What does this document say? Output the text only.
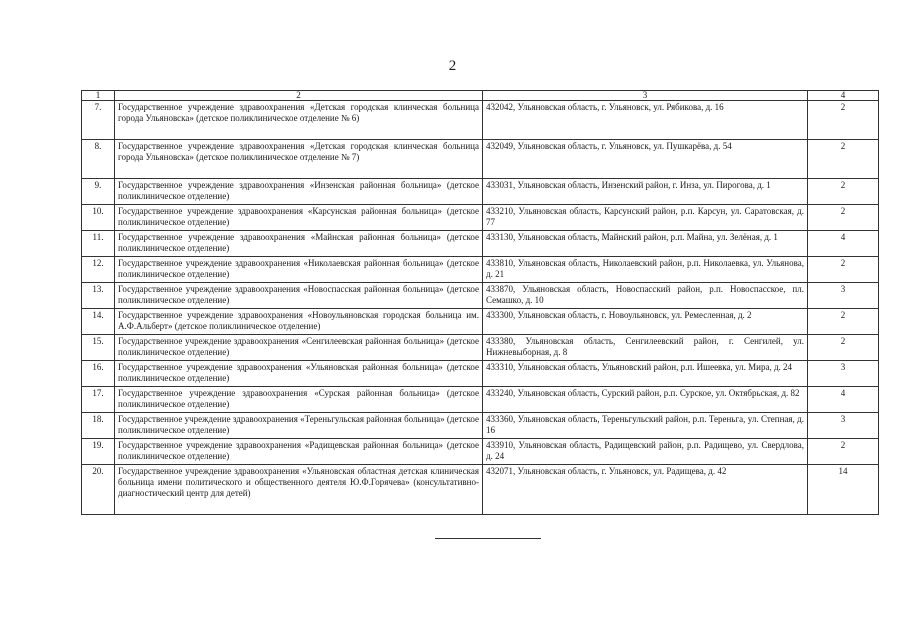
2
1	2	3	4
7.	Государственное учреждение здравоохранения «Детская городская клинческая больница города Ульяновска» (детское поликлиническое отделение № 6)	432042, Ульяновская область, г. Ульяновск, ул. Рябикова, д. 16	2
8.	Государственное учреждение здравоохранения «Детская городская клинческая больница города Ульяновска» (детское поликлиническое отделение № 7)	432049, Ульяновская область, г. Ульяновск, ул. Пушкарёва, д. 54	2
9.	Государственное учреждение здравоохранения «Инзенская районная больница» (детское поликлиническое отделение)	433031, Ульяновская область, Инзенский район, г. Инза, ул. Пирогова, д. 1	2
10.	Государственное учреждение здравоохранения «Карсунская районная больница» (детское поликлиническое отделение)	433210, Ульяновская область, Карсунский район, р.п. Карсун, ул. Саратовская, д. 77	2
11.	Государственное учреждение здравоохранения «Майнская районная больница» (детское поликлиническое отделение)	433130, Ульяновская область, Майнский район, р.п. Майна, ул. Зелёная, д. 1	4
12.	Государственное учреждение здравоохранения «Николаевская районная больница» (детское поликлиническое отделение)	433810, Ульяновская область, Николаевский район, р.п. Николаевка, ул. Ульянова, д. 21	2
13.	Государственное учреждение здравоохранения «Новоспасская районная больница» (детское поликлиническое отделение)	433870, Ульяновская область, Новоспасский район, р.п. Новоспасское, пл. Семашко, д. 10	3
14.	Государственное учреждение здравоохранения «Новоульяновская городская больница им. А.Ф.Альберт» (детское поликлиническое отделение)	433300, Ульяновская область, г. Новоульяновск, ул. Ремесленная, д. 2	2
15.	Государственное учреждение здравоохранения «Сенгилеевская районная больница» (детское поликлиническое отделение)	433380, Ульяновская область, Сенгилеевский район, г. Сенгилей, ул. Нижневыборная, д. 8	2
16.	Государственное учреждение здравоохранения «Ульяновская районная больница» (детское поликлиническое отделение)	433310, Ульяновская область, Ульяновский район, р.п. Ишеевка, ул. Мира, д. 24	3
17.	Государственное учреждение здравоохранения «Сурская районная больница» (детское поликлиническое отделение)	433240, Ульяновская область, Сурский район, р.п. Сурское, ул. Октябрьская, д. 82	4
18.	Государственное учреждение здравоохранения «Тереньгульская районная больница» (детское поликлиническое отделение)	433360, Ульяновская область, Тереньгульский район, р.п. Тереньга, ул. Степная, д. 16	3
19.	Государственное учреждение здравоохранения «Радищевская районная больница» (детское поликлиническое отделение)	433910, Ульяновская область, Радищевский район, р.п. Радищево, ул. Свердлова, д. 24	2
20.	Государственное учреждение здравоохранения «Ульяновская областная детская клиническая больница имени политического и общественного деятеля Ю.Ф.Горячева» (консультативно-диагностический центр для детей)	432071, Ульяновская область, г. Ульяновск, ул. Радищева, д. 42	14
